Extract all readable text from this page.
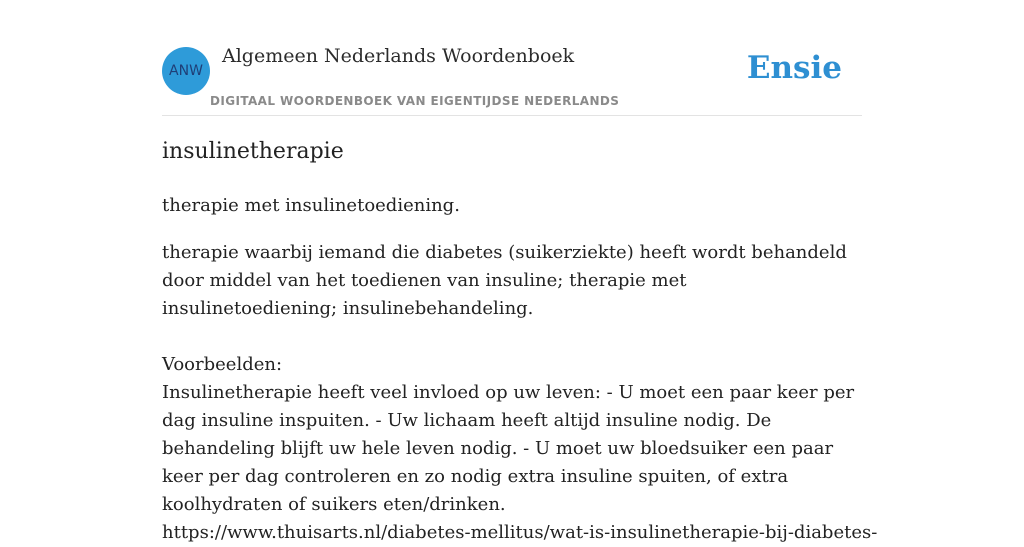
ANW
Algemeen Nederlands Woordenboek
DIGITAAL WOORDENBOEK VAN EIGENTIJDSE NEDERLANDS
Ensie
insulinetherapie

therapie met insulinetoediening.

therapie waarbij iemand die diabetes (suikerziekte) heeft wordt behandeld door middel van het toedienen van insuline; therapie met insulinetoediening; insulinebehandeling.

Voorbeelden:

Insulinetherapie heeft veel invloed op uw leven: - U moet een paar keer per dag insuline inspuiten. - Uw lichaam heeft altijd insuline nodig. De behandeling blijft uw hele leven nodig. - U moet uw bloedsuiker een paar keer per dag controleren en zo nodig extra insuline spuiten, of extra koolhydraten of suikers eten/drinken.
https://www.thuisarts.nl/diabetes-mellitus/wat-is-insulinetherapie-bij-diabetes-
